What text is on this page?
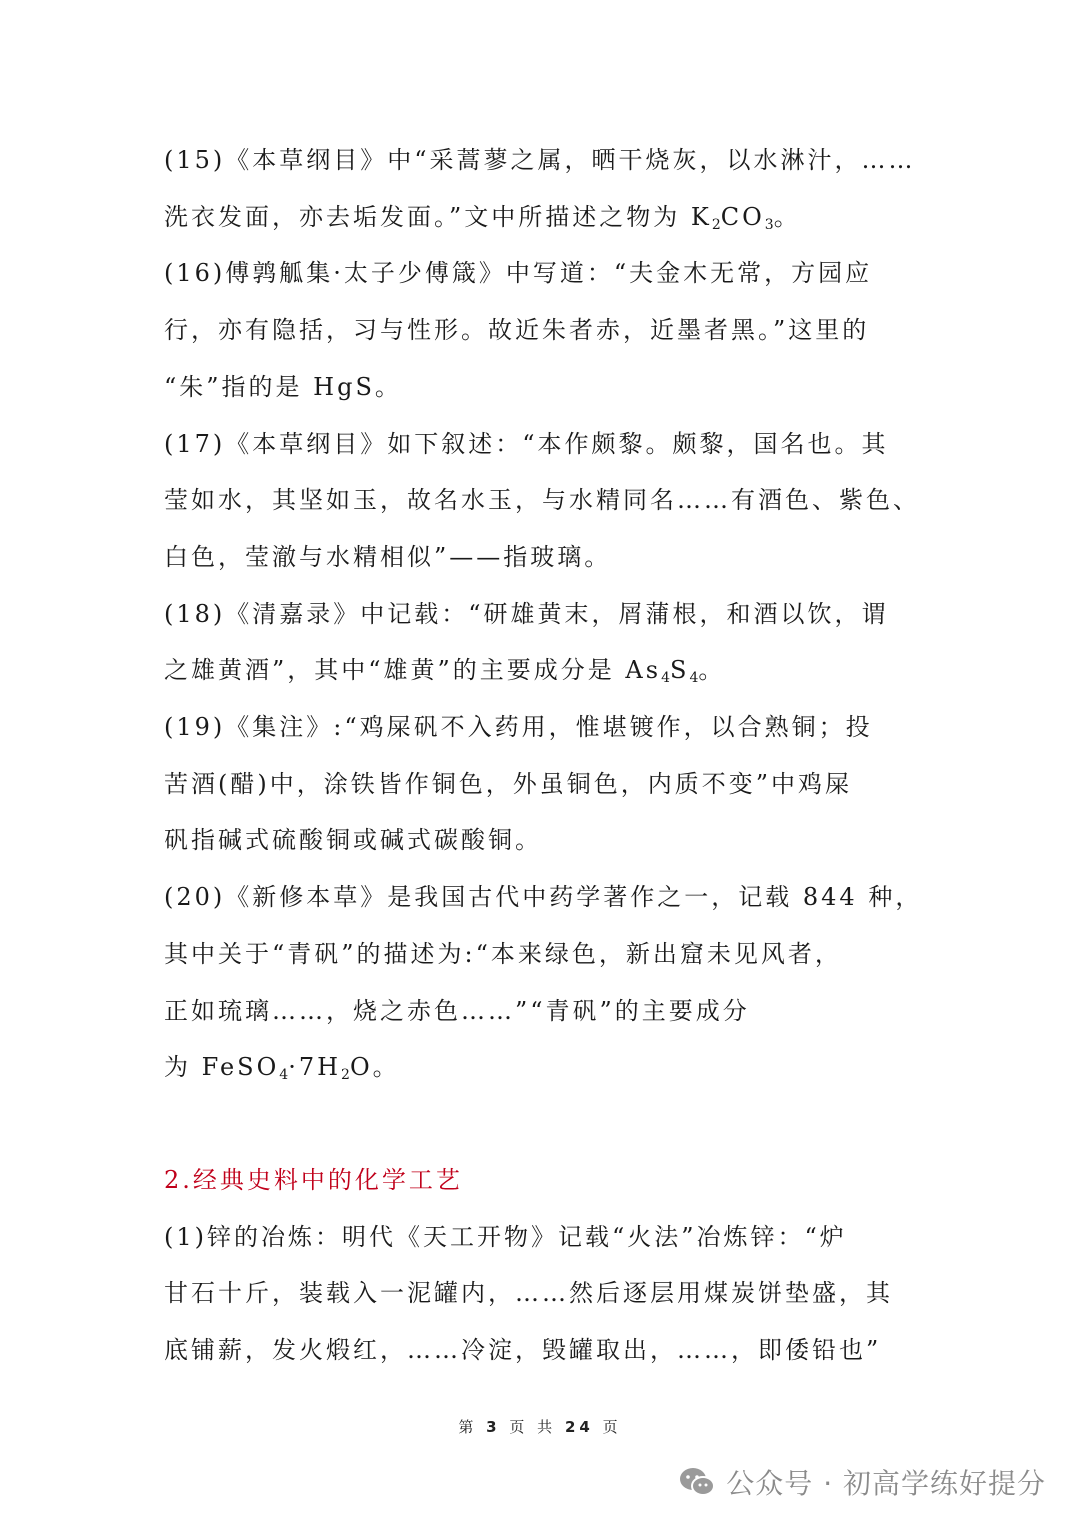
(15)《本草纲目》中“采蒿蓼之属，晒干烧灰，以水淋汁，……
洗衣发面，亦去垢发面。”文中所描述之物为 $K_2CO_3$。

(16)傅鹑觚集·太子少傅箴》中写道：“夫金木无常，方园应
行，亦有隐括，习与性形。故近朱者赤，近墨者黑。”这里的
“朱”指的是 HgS。

(17)《本草纲目》如下叙述：“本作颇黎。颇黎，国名也。其
莹如水，其坚如玉，故名水玉，与水精同名……有酒色、紫色、
白色，莹澈与水精相似”——指玻璃。

(18)《清嘉录》中记载：“研雄黄末，屑蒲根，和酒以饮，谓
之雄黄酒”，其中“雄黄”的主要成分是 $As_4S_4$。

(19)《集注》:“鸡屎矾不入药用，惟堪镀作，以合熟铜；投
苦酒(醋)中，涂铁皆作铜色，外虽铜色，内质不变”中鸡屎
矾指碱式硫酸铜或碱式碳酸铜。

(20)《新修本草》是我国古代中药学著作之一，记载 844 种，
其中关于“青矾”的描述为:“本来绿色，新出窟未见风者，
正如琉璃……，烧之赤色……”“青矾”的主要成分
为 $FeSO_4\cdot 7H_2O$。

2.经典史料中的化学工艺

(1)锌的冶炼：明代《天工开物》记载“火法”冶炼锌：“炉
甘石十斤，装载入一泥罐内，……然后逐层用煤炭饼垫盛，其
底铺薪，发火煅红，……冷淀，毁罐取出，……，即倭铅也”

第 3 页 共 24 页
公众号 · 初高学练好提分
